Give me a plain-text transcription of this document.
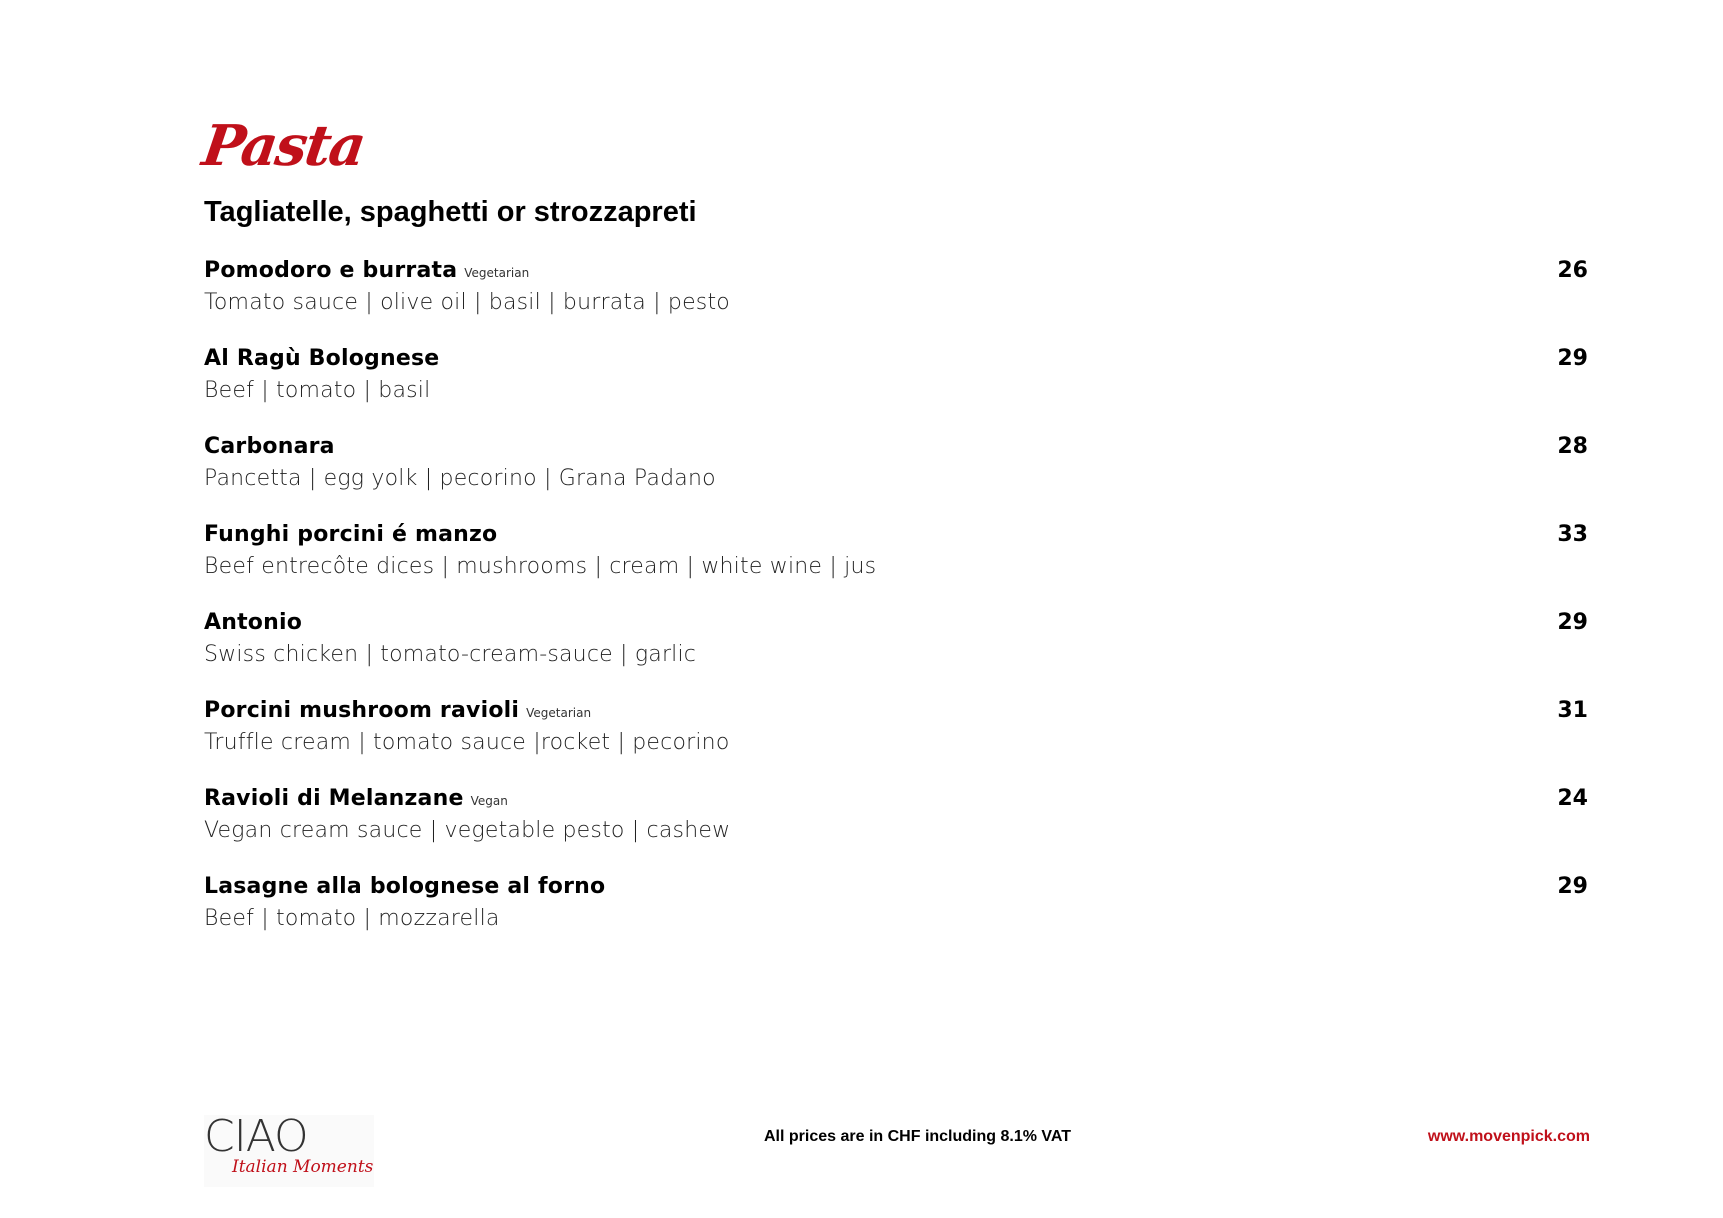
Pasta
Tagliatelle, spaghetti or strozzapreti
Pomodoro e burrata Vegetarian	26
Tomato sauce | olive oil | basil | burrata | pesto
Al Ragù Bolognese	29
Beef | tomato | basil
Carbonara	28
Pancetta | egg yolk | pecorino | Grana Padano
Funghi porcini é manzo	33
Beef entrecôte dices | mushrooms | cream | white wine | jus
Antonio	29
Swiss chicken | tomato-cream-sauce | garlic
Porcini mushroom ravioli Vegetarian	31
Truffle cream | tomato sauce |rocket | pecorino
Ravioli di Melanzane Vegan	24
Vegan cream sauce | vegetable pesto | cashew
Lasagne alla bolognese al forno	29
Beef | tomato | mozzarella
CIAO
Italian Moments
All prices are in CHF including 8.1% VAT	www.movenpick.com
